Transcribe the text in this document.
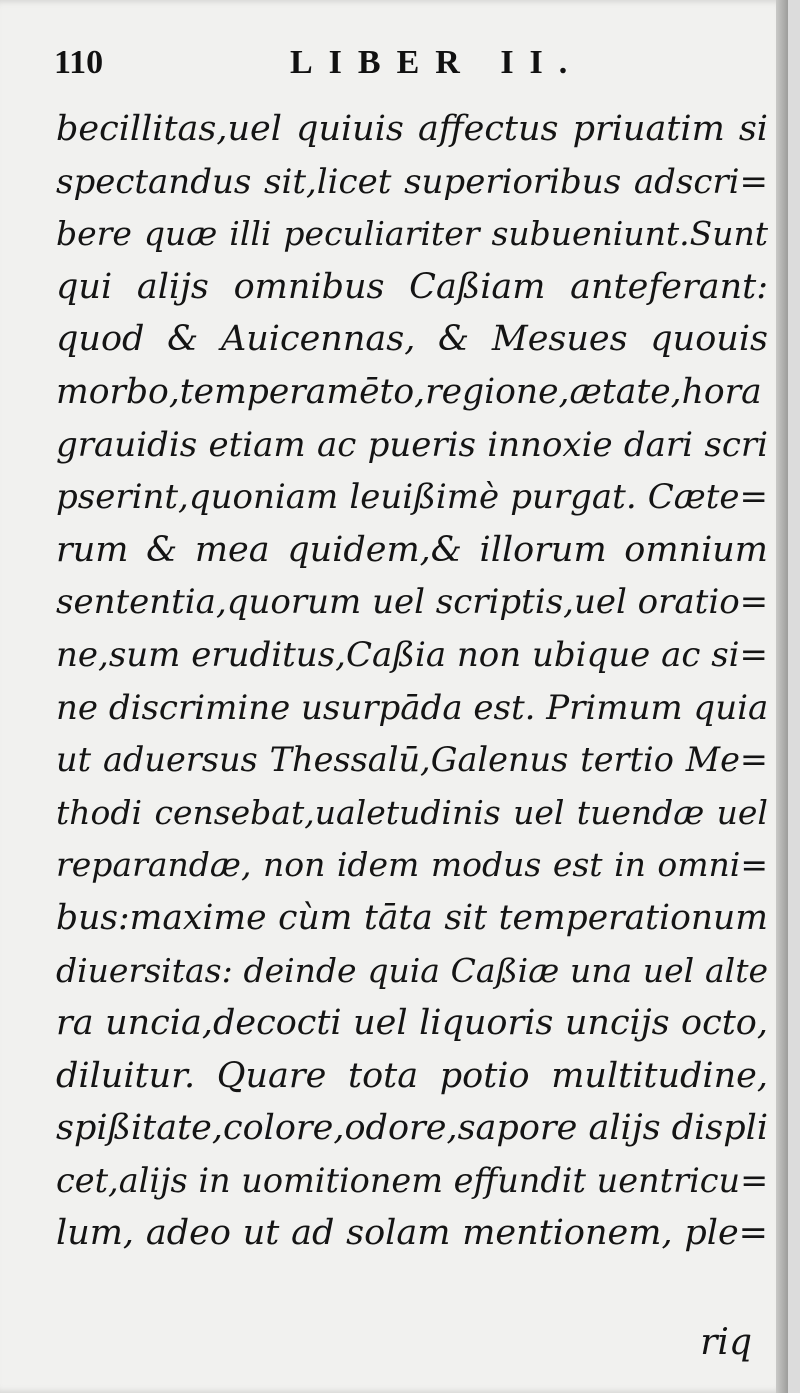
110	LIBER II.
becillitas,uel quiuis affectus priuatim si
spectandus sit,licet superioribus adscri=
bere quæ illi peculiariter subueniunt.Sunt
qui alijs omnibus Caßiam anteferant:
quod & Auicennas, & Mesues quouis
morbo,temperamēto,regione,ætate,hora
grauidis etiam ac pueris innoxie dari scri
pserint,quoniam leuißimè purgat. Cæte=
rum & mea quidem,& illorum omnium
sententia,quorum uel scriptis,uel oratio=
ne,sum eruditus,Caßia non ubique ac si=
ne discrimine usurpāda est. Primum quia
ut aduersus Thessalū,Galenus tertio Me=
thodi censebat,ualetudinis uel tuendæ uel
reparandæ, non idem modus est in omni=
bus:maxime cùm tāta sit temperationum
diuersitas: deinde quia Caßiæ una uel alte
ra uncia,decocti uel liquoris uncijs octo,
diluitur. Quare tota potio multitudine,
spißitate,colore,odore,sapore alijs displi
cet,alijs in uomitionem effundit uentricu=
lum, adeo ut ad solam mentionem, ple=
riq
